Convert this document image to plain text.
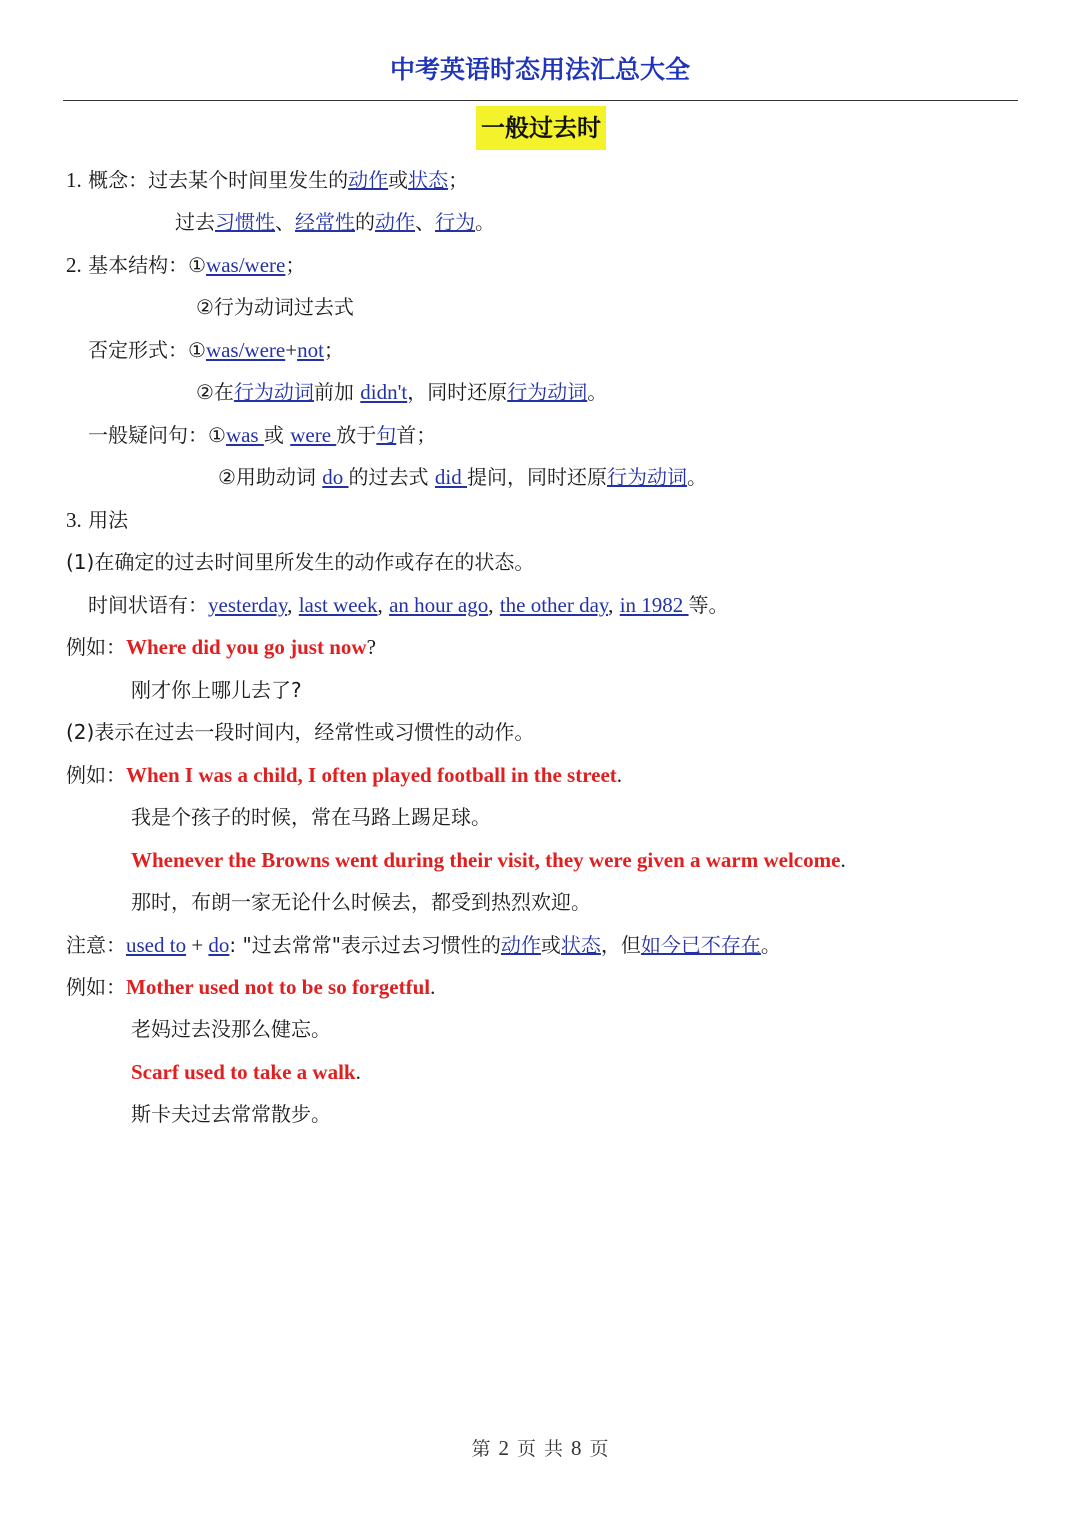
中考英语时态用法汇总大全
一般过去时
1. 概念：过去某个时间里发生的动作或状态；
过去习惯性、经常性的动作、行为。
2. 基本结构：①was/were；
②行为动词过去式
否定形式：①was/were+not；
②在行为动词前加 didn't，同时还原行为动词。
一般疑问句：①was 或 were 放于句首；
②用助动词 do 的过去式 did 提问，同时还原行为动词。
3. 用法
(1)在确定的过去时间里所发生的动作或存在的状态。
时间状语有：yesterday, last week, an hour ago, the other day, in 1982 等。
例如：Where did you go just now?
刚才你上哪儿去了?
(2)表示在过去一段时间内，经常性或习惯性的动作。
例如：When I was a child, I often played football in the street.
我是个孩子的时候，常在马路上踢足球。
Whenever the Browns went during their visit, they were given a warm welcome.
那时，布朗一家无论什么时候去，都受到热烈欢迎。
注意：used to + do: "过去常常"表示过去习惯性的动作或状态，但如今已不存在。
例如：Mother used not to be so forgetful.
老妈过去没那么健忘。
Scarf used to take a walk.
斯卡夫过去常常散步。
第 2 页 共 8 页
